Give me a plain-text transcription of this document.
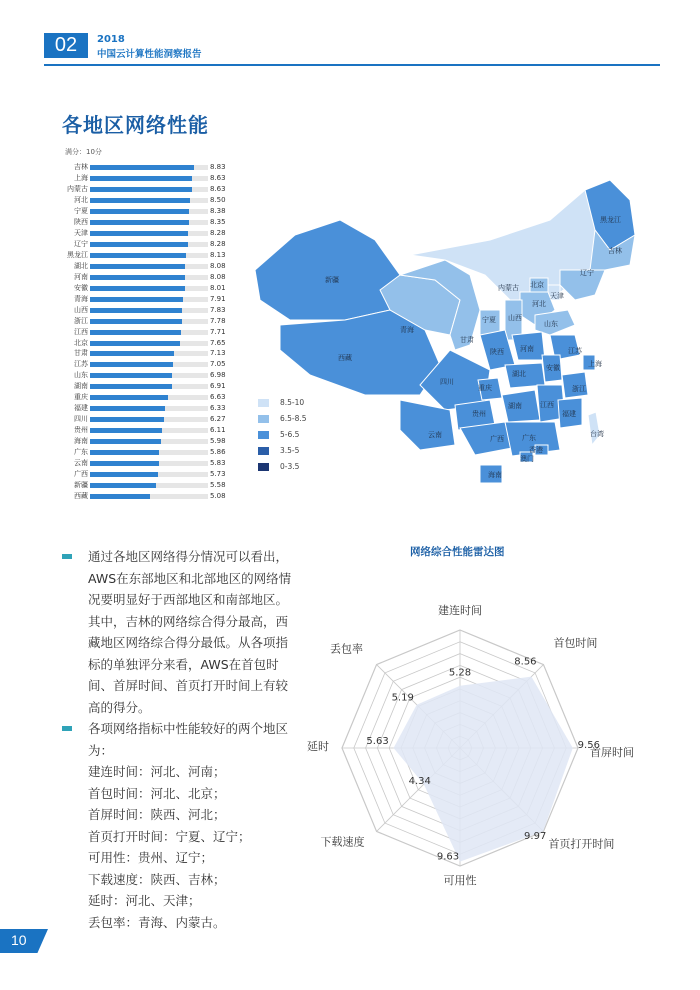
02	2018
中国云计算性能洞察报告
各地区网络性能
满分：10分
吉林	8.83
上海	8.63
内蒙古	8.63
河北	8.50
宁夏	8.38
陕西	8.35
天津	8.28
辽宁	8.28
黑龙江	8.13
湖北	8.08
河南	8.08
安徽	8.01
青海	7.91
山西	7.83
浙江	7.78
江西	7.71
北京	7.65
甘肃	7.13
江苏	7.05
山东	6.98
湖南	6.91
重庆	6.63
福建	6.33
四川	6.27
贵州	6.11
海南	5.98
广东	5.86
云南	5.83
广西	5.73
新疆	5.58
西藏	5.08
新疆
西藏
青海
甘肃
内蒙古
黑龙江
吉林
辽宁
北京
天津
河北
山西
山东
宁夏
陕西 河南	江苏
上海
安徽
湖北
四川
重庆	浙江
湖南	江西
贵州	福建
台湾
云南	广西	广东
香港
澳门
海南
8.5-10
6.5-8.5
5-6.5
3.5-5
0-3.5
通过各地区网络得分情况可以看出，AWS在东部地区和北部地区的网络情况要明显好于西部地区和南部地区。其中，吉林的网络综合得分最高，西藏地区网络综合得分最低。从各项指标的单独评分来看，AWS在首包时间、首屏时间、首页打开时间上有较高的得分。
各项网络指标中性能较好的两个地区为：
建连时间：河北、河南；
首包时间：河北、北京；
首屏时间：陕西、河北；
首页打开时间：宁夏、辽宁；
可用性：贵州、辽宁；
下载速度：陕西、吉林；
延时：河北、天津；
丢包率：青海、内蒙古。
网络综合性能雷达图
建连时间
首包时间
首屏时间
首页打开时间
可用性
下载速度
延时
丢包率
5.28
8.56
9.56
9.97
9.63
4.34
5.63
5.19
10
